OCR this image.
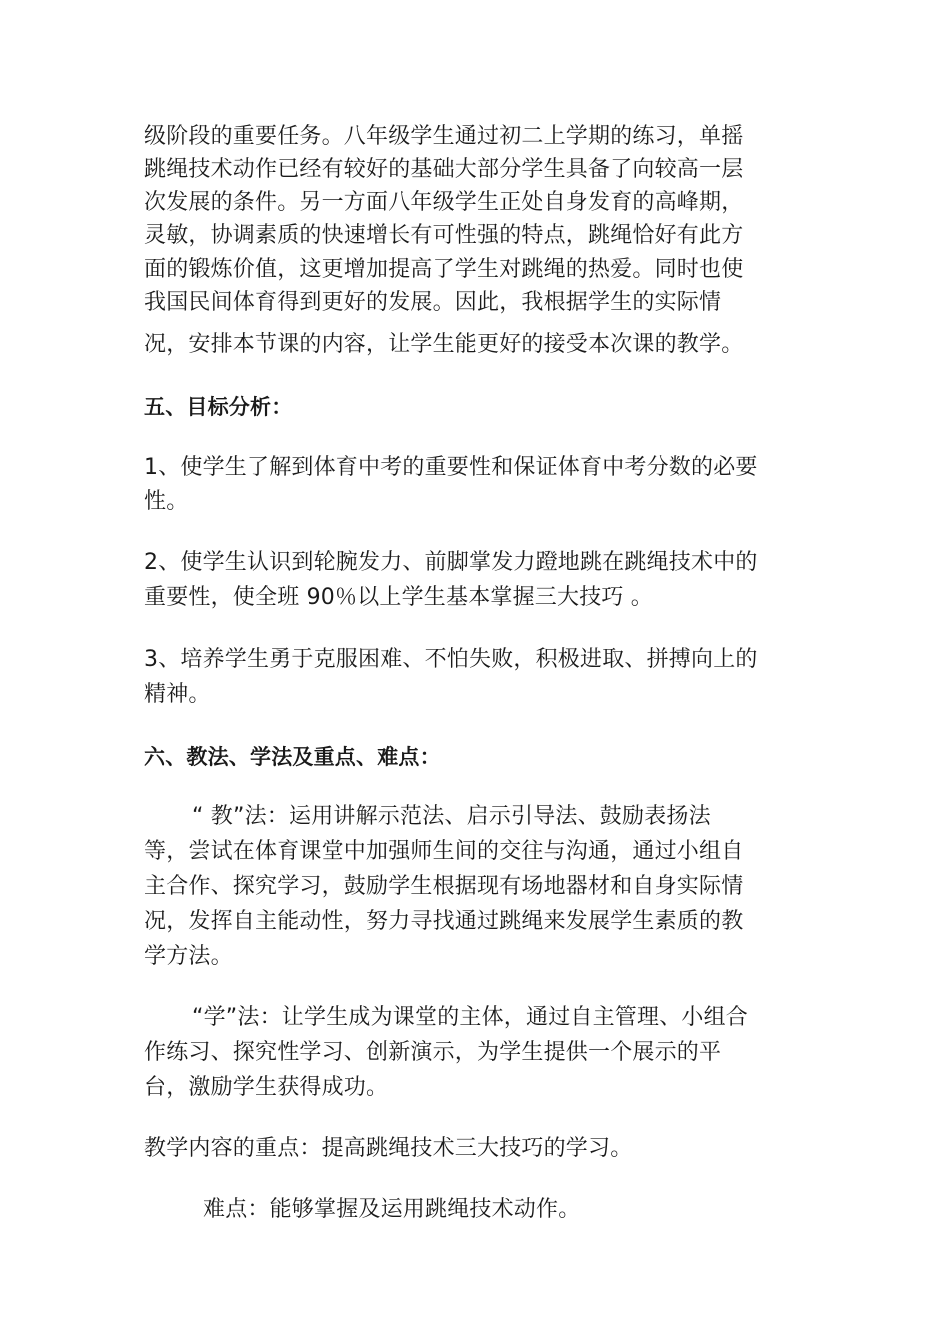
级阶段的重要任务。八年级学生通过初二上学期的练习，单摇
跳绳技术动作已经有较好的基础大部分学生具备了向较高一层
次发展的条件。另一方面八年级学生正处自身发育的高峰期，
灵敏，协调素质的快速增长有可性强的特点，跳绳恰好有此方
面的锻炼价值，这更增加提高了学生对跳绳的热爱。同时也使
我国民间体育得到更好的发展。因此，我根据学生的实际情
况，安排本节课的内容，让学生能更好的接受本次课的教学。
五、目标分析：
1、使学生了解到体育中考的重要性和保证体育中考分数的必要
性。
2、使学生认识到轮腕发力、前脚掌发力蹬地跳在跳绳技术中的
重要性，使全班 90％以上学生基本掌握三大技巧 。
3、培养学生勇于克服困难、不怕失败，积极进取、拼搏向上的
精神。
六、教法、学法及重点、难点：
“ 教”法：运用讲解示范法、启示引导法、鼓励表扬法
等，尝试在体育课堂中加强师生间的交往与沟通，通过小组自
主合作、探究学习，鼓励学生根据现有场地器材和自身实际情
况，发挥自主能动性，努力寻找通过跳绳来发展学生素质的教
学方法。
“学”法：让学生成为课堂的主体，通过自主管理、小组合
作练习、探究性学习、创新演示，为学生提供一个展示的平
台，激励学生获得成功。
教学内容的重点：提高跳绳技术三大技巧的学习。
难点：能够掌握及运用跳绳技术动作。
